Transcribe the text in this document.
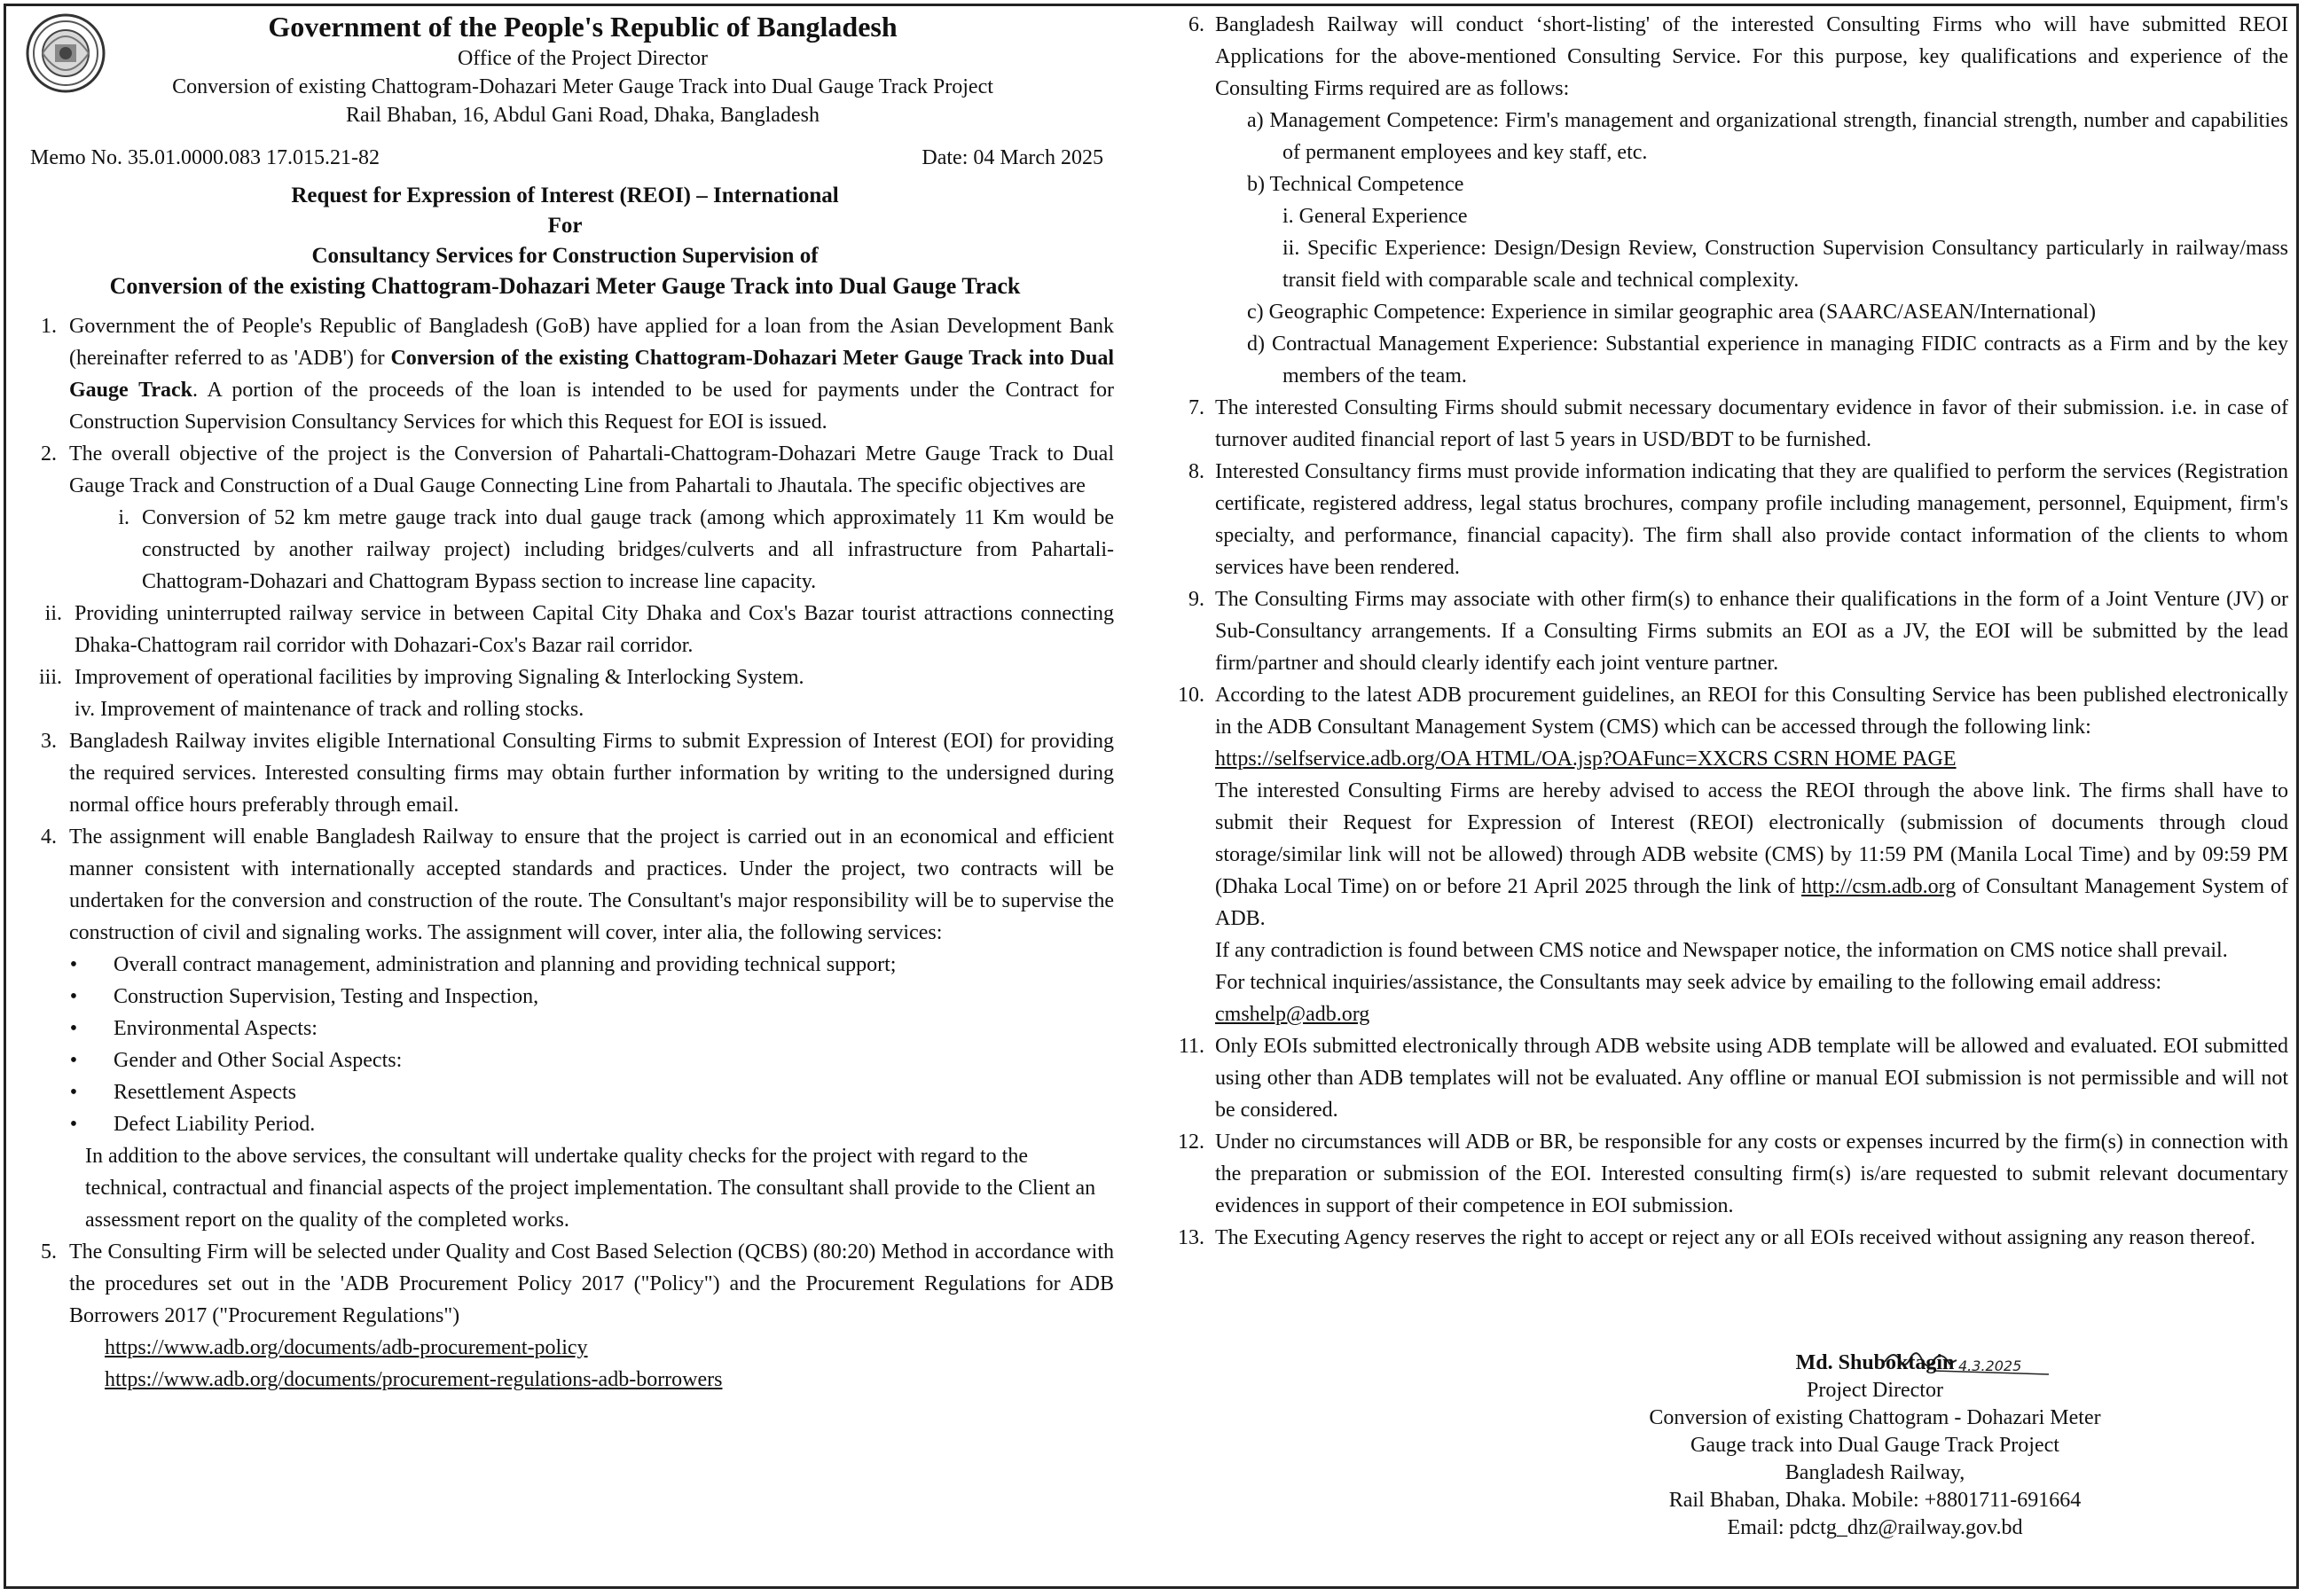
Government of the People's Republic of Bangladesh
Office of the Project Director
Conversion of existing Chattogram-Dohazari Meter Gauge Track into Dual Gauge Track Project
Rail Bhaban, 16, Abdul Gani Road, Dhaka, Bangladesh
Memo No. 35.01.0000.083 17.015.21-82	Date: 04 March 2025
Request for Expression of Interest (REOI) – International
For
Consultancy Services for Construction Supervision of
Conversion of the existing Chattogram-Dohazari Meter Gauge Track into Dual Gauge Track
1. Government the of People's Republic of Bangladesh (GoB) have applied for a loan from the Asian Development Bank (hereinafter referred to as 'ADB') for Conversion of the existing Chattogram-Dohazari Meter Gauge Track into Dual Gauge Track. A portion of the proceeds of the loan is intended to be used for payments under the Contract for Construction Supervision Consultancy Services for which this Request for EOI is issued.
2. The overall objective of the project is the Conversion of Pahartali-Chattogram-Dohazari Metre Gauge Track to Dual Gauge Track and Construction of a Dual Gauge Connecting Line from Pahartali to Jhautala. The specific objectives are
i. Conversion of 52 km metre gauge track into dual gauge track (among which approximately 11 Km would be constructed by another railway project) including bridges/culverts and all infrastructure from Pahartali-Chattogram-Dohazari and Chattogram Bypass section to increase line capacity.
ii. Providing uninterrupted railway service in between Capital City Dhaka and Cox's Bazar tourist attractions connecting Dhaka-Chattogram rail corridor with Dohazari-Cox's Bazar rail corridor.
iii. Improvement of operational facilities by improving Signaling & Interlocking System.
iv. Improvement of maintenance of track and rolling stocks.
3. Bangladesh Railway invites eligible International Consulting Firms to submit Expression of Interest (EOI) for providing the required services. Interested consulting firms may obtain further information by writing to the undersigned during normal office hours preferably through email.
4. The assignment will enable Bangladesh Railway to ensure that the project is carried out in an economical and efficient manner consistent with internationally accepted standards and practices. Under the project, two contracts will be undertaken for the conversion and construction of the route. The Consultant's major responsibility will be to supervise the construction of civil and signaling works. The assignment will cover, inter alia, the following services:
•	Overall contract management, administration and planning and providing technical support;
•	Construction Supervision, Testing and Inspection,
•	Environmental Aspects:
•	Gender and Other Social Aspects:
•	Resettlement Aspects
•	Defect Liability Period.
In addition to the above services, the consultant will undertake quality checks for the project with regard to the technical, contractual and financial aspects of the project implementation. The consultant shall provide to the Client an assessment report on the quality of the completed works.
5. The Consulting Firm will be selected under Quality and Cost Based Selection (QCBS) (80:20) Method in accordance with the procedures set out in the 'ADB Procurement Policy 2017 ("Policy") and the Procurement Regulations for ADB Borrowers 2017 ("Procurement Regulations")
https://www.adb.org/documents/adb-procurement-policy
https://www.adb.org/documents/procurement-regulations-adb-borrowers
6. Bangladesh Railway will conduct ‘short-listing' of the interested Consulting Firms who will have submitted REOI Applications for the above-mentioned Consulting Service. For this purpose, key qualifications and experience of the Consulting Firms required are as follows:
a) Management Competence: Firm's management and organizational strength, financial strength, number and capabilities of permanent employees and key staff, etc.
b) Technical Competence
i. General Experience
ii. Specific Experience: Design/Design Review, Construction Supervision Consultancy particularly in railway/mass transit field with comparable scale and technical complexity.
c) Geographic Competence: Experience in similar geographic area (SAARC/ASEAN/International)
d) Contractual Management Experience: Substantial experience in managing FIDIC contracts as a Firm and by the key members of the team.
7. The interested Consulting Firms should submit necessary documentary evidence in favor of their submission. i.e. in case of turnover audited financial report of last 5 years in USD/BDT to be furnished.
8. Interested Consultancy firms must provide information indicating that they are qualified to perform the services (Registration certificate, registered address, legal status brochures, company profile including management, personnel, Equipment, firm's specialty, and performance, financial capacity). The firm shall also provide contact information of the clients to whom services have been rendered.
9. The Consulting Firms may associate with other firm(s) to enhance their qualifications in the form of a Joint Venture (JV) or Sub-Consultancy arrangements. If a Consulting Firms submits an EOI as a JV, the EOI will be submitted by the lead firm/partner and should clearly identify each joint venture partner.
10. According to the latest ADB procurement guidelines, an REOI for this Consulting Service has been published electronically in the ADB Consultant Management System (CMS) which can be accessed through the following link:
https://selfservice.adb.org/OA HTML/OA.jsp?OAFunc=XXCRS CSRN HOME PAGE
The interested Consulting Firms are hereby advised to access the REOI through the above link. The firms shall have to submit their Request for Expression of Interest (REOI) electronically (submission of documents through cloud storage/similar link will not be allowed) through ADB website (CMS) by 11:59 PM (Manila Local Time) and by 09:59 PM (Dhaka Local Time) on or before 21 April 2025 through the link of http://csm.adb.org of Consultant Management System of ADB.
If any contradiction is found between CMS notice and Newspaper notice, the information on CMS notice shall prevail.
For technical inquiries/assistance, the Consultants may seek advice by emailing to the following email address:
cmshelp@adb.org
11. Only EOIs submitted electronically through ADB website using ADB template will be allowed and evaluated. EOI submitted using other than ADB templates will not be evaluated. Any offline or manual EOI submission is not permissible and will not be considered.
12. Under no circumstances will ADB or BR, be responsible for any costs or expenses incurred by the firm(s) in connection with the preparation or submission of the EOI. Interested consulting firm(s) is/are requested to submit relevant documentary evidences in support of their competence in EOI submission.
13. The Executing Agency reserves the right to accept or reject any or all EOIs received without assigning any reason thereof.
4.3.2025
Md. Shuboktagin
Project Director
Conversion of existing Chattogram - Dohazari Meter
Gauge track into Dual Gauge Track Project
Bangladesh Railway,
Rail Bhaban, Dhaka. Mobile: +8801711-691664
Email: pdctg_dhz@railway.gov.bd
